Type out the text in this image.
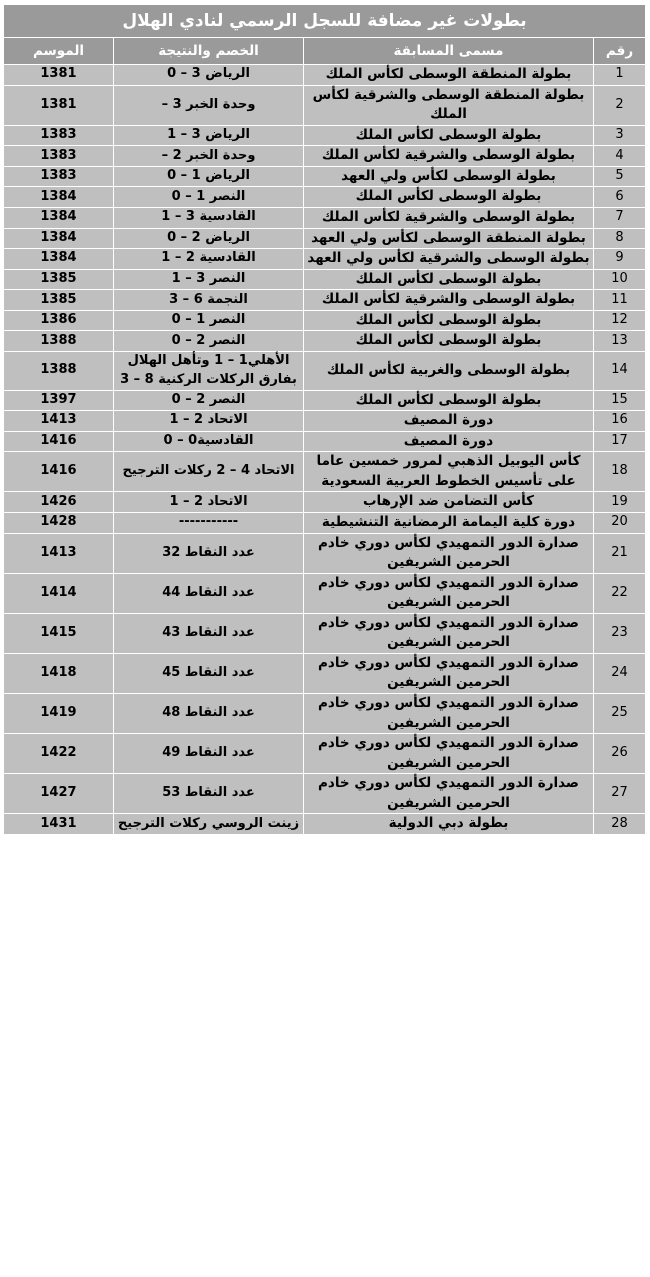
بطولات غير مضافة للسجل الرسمي لنادي الهلال			
رقم	مسمى المسابقة	الخصم والنتيجة	الموسم
1	بطولة المنطقة الوسطى لكأس الملك	الرياض 3 – 0	1381
2	بطولة المنطقة الوسطى والشرقية لكأس الملك	وحدة الخبر 3 –	1381
3	بطولة الوسطى لكأس الملك	الرياض 3 – 1	1383
4	بطولة الوسطى والشرقية لكأس الملك	وحدة الخبر 2 –	1383
5	بطولة الوسطى لكأس ولي العهد	الرياض 1 – 0	1383
6	بطولة الوسطى لكأس الملك	النصر 1 – 0	1384
7	بطولة الوسطى والشرقية لكأس الملك	القادسية 3 – 1	1384
8	بطولة المنطقة الوسطى لكأس ولي العهد	الرياض 2 – 0	1384
9	بطولة الوسطى والشرقية لكأس ولي العهد	القادسية 2 – 1	1384
10	بطولة الوسطى لكأس الملك	النصر 3 – 1	1385
11	بطولة الوسطى والشرقية لكأس الملك	النجمة 6 – 3	1385
12	بطولة الوسطى لكأس الملك	النصر 1 – 0	1386
13	بطولة الوسطى لكأس الملك	النصر 2 – 0	1388
14	بطولة الوسطى والغربية لكأس الملك	الأهلي1 – 1 وتأهل الهلال بفارق الركلات الركنية 8 – 3	1388
15	بطولة الوسطى لكأس الملك	النصر 2 – 0	1397
16	دورة المصيف	الاتحاد 2 – 1	1413
17	دورة المصيف	القادسية0 – 0	1416
18	كأس اليوبيل الذهبي لمرور خمسين عاما على تأسيس الخطوط العربية السعودية	الاتحاد 4 – 2 ركلات الترجيح	1416
19	كأس التضامن ضد الإرهاب	الاتحاد 2 – 1	1426
20	دورة كلية اليمامة الرمضانية التنشيطية	-----------	1428
21	صدارة الدور التمهيدي لكأس دوري خادم الحرمين الشريفين	عدد النقاط 32	1413
22	صدارة الدور التمهيدي لكأس دوري خادم الحرمين الشريفين	عدد النقاط 44	1414
23	صدارة الدور التمهيدي لكأس دوري خادم الحرمين الشريفين	عدد النقاط 43	1415
24	صدارة الدور التمهيدي لكأس دوري خادم الحرمين الشريفين	عدد النقاط 45	1418
25	صدارة الدور التمهيدي لكأس دوري خادم الحرمين الشريفين	عدد النقاط 48	1419
26	صدارة الدور التمهيدي لكأس دوري خادم الحرمين الشريفين	عدد النقاط 49	1422
27	صدارة الدور التمهيدي لكأس دوري خادم الحرمين الشريفين	عدد النقاط 53	1427
28	بطولة دبي الدولية	زينت الروسي ركلات الترجيح	1431
